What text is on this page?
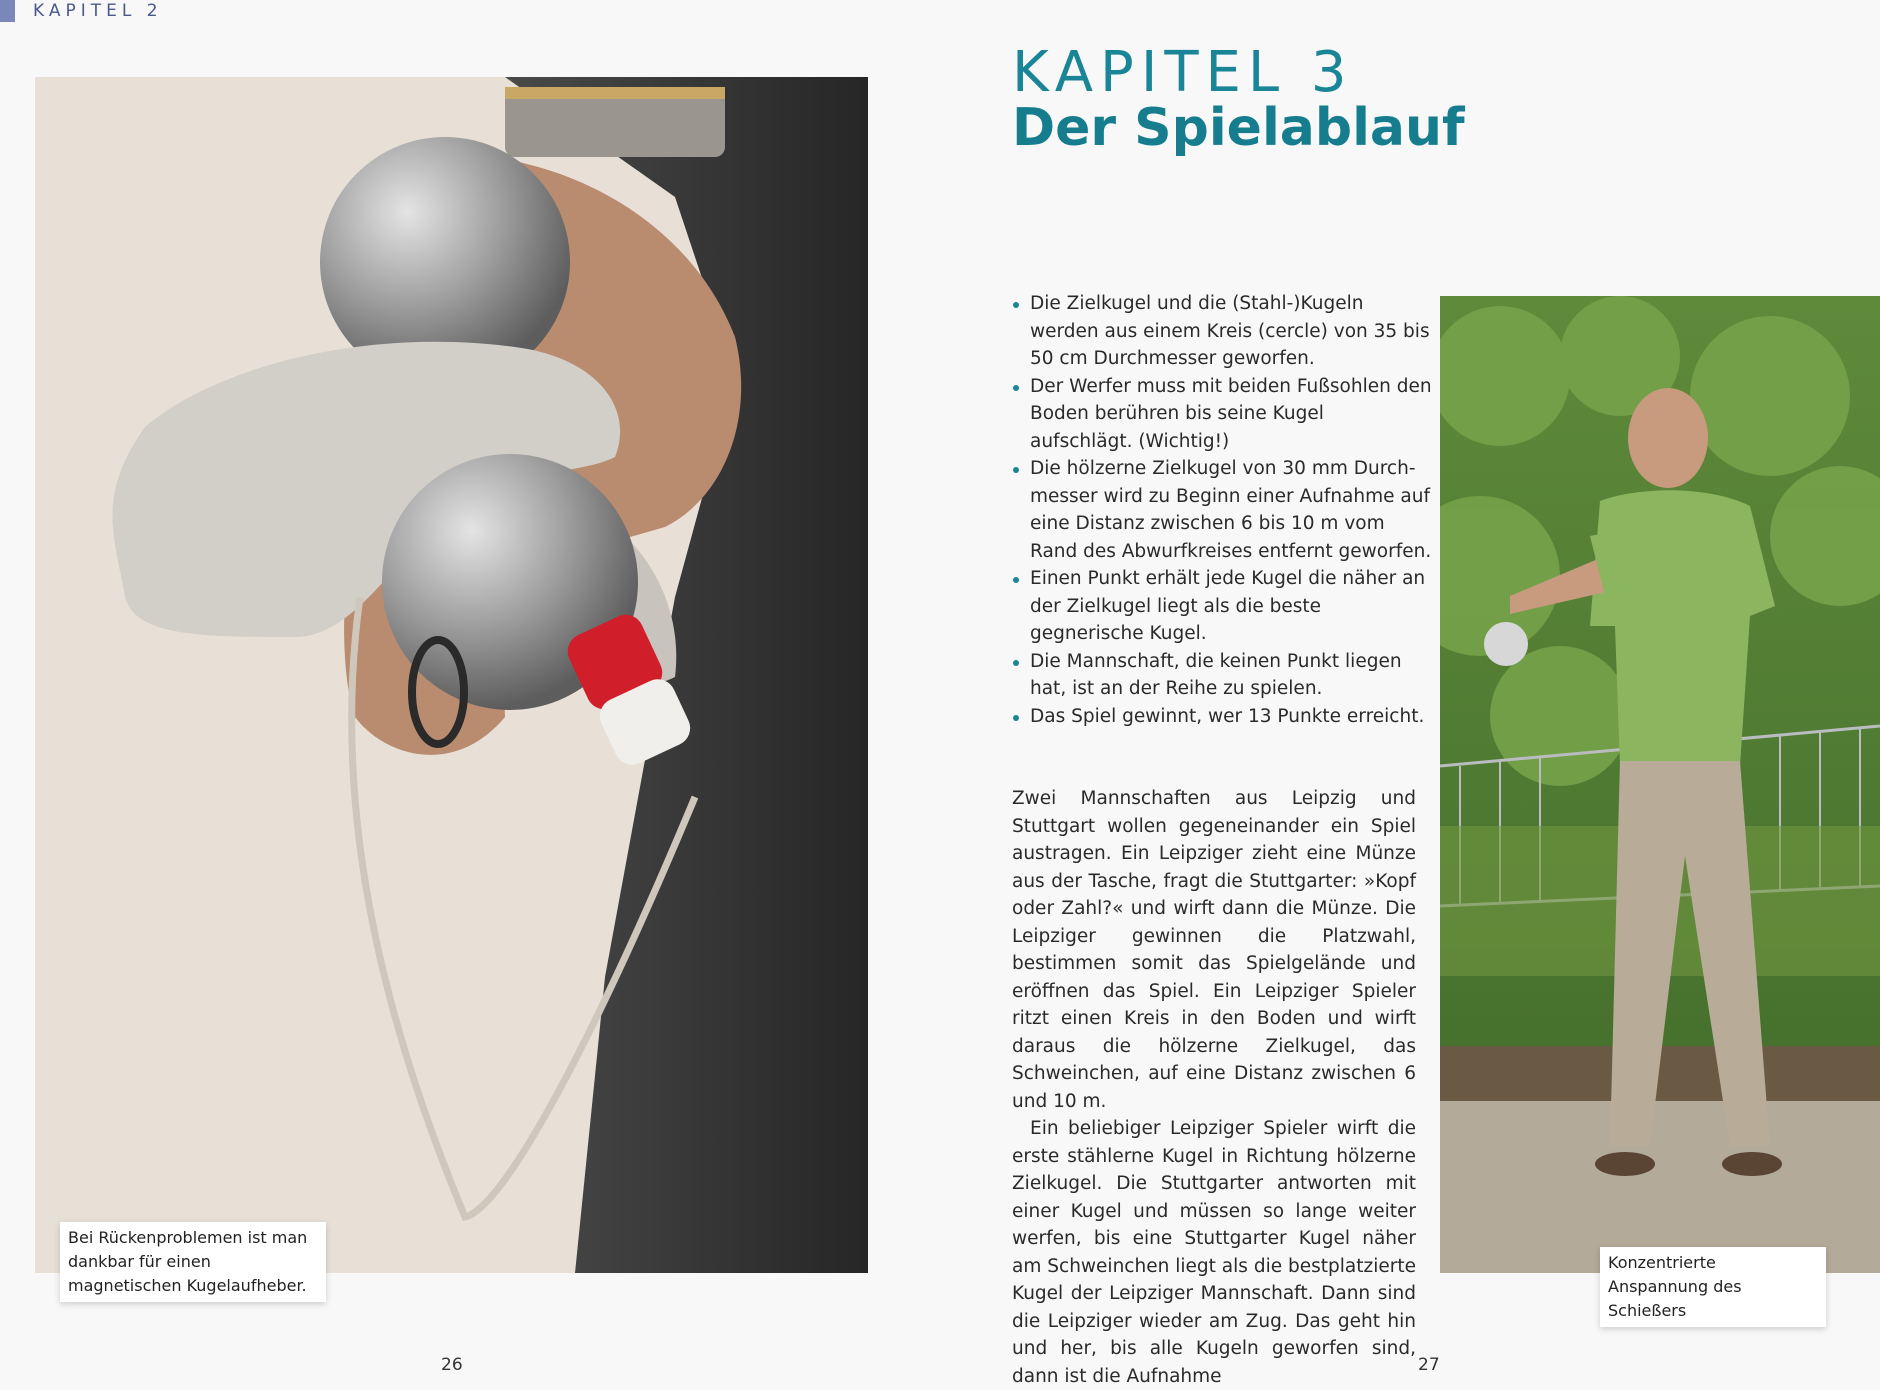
KAPITEL 2
Bei Rückenproblemen ist man dankbar für einen magnetischen Kugelaufheber.
KAPITEL 3
Der Spielablauf
Die Zielkugel und die (Stahl-)Kugeln werden aus einem Kreis (cercle) von 35 bis 50 cm Durchmesser geworfen.
Der Werfer muss mit beiden Fußsohlen den Boden berühren bis seine Kugel aufschlägt. (Wichtig!)
Die hölzerne Zielkugel von 30 mm Durchmesser wird zu Beginn einer Aufnahme auf eine Distanz zwischen 6 bis 10 m vom Rand des Abwurfkreises entfernt geworfen.
Einen Punkt erhält jede Kugel die näher an der Zielkugel liegt als die beste gegnerische Kugel.
Die Mannschaft, die keinen Punkt liegen hat, ist an der Reihe zu spielen.
Das Spiel gewinnt, wer 13 Punkte erreicht.

Zwei Mannschaften aus Leipzig und Stuttgart wollen gegeneinander ein Spiel austragen. Ein Leipziger zieht eine Münze aus der Tasche, fragt die Stuttgarter: »Kopf oder Zahl?« und wirft dann die Münze. Die Leipziger gewinnen die Platzwahl, bestimmen somit das Spielgelände und eröffnen das Spiel. Ein Leipziger Spieler ritzt einen Kreis in den Boden und wirft daraus die hölzerne Zielkugel, das Schweinchen, auf eine Distanz zwischen 6 und 10 m.

Ein beliebiger Leipziger Spieler wirft die erste stählerne Kugel in Richtung hölzerne Zielkugel. Die Stuttgarter antworten mit einer Kugel und müssen so lange weiter werfen, bis eine Stuttgarter Kugel näher am Schweinchen liegt als die bestplatzierte Kugel der Leipziger Mannschaft. Dann sind die Leipziger wieder am Zug. Das geht hin und her, bis alle Kugeln geworfen sind, dann ist die Aufnahme

Konzentrierte Anspannung des Schießers
26	27
